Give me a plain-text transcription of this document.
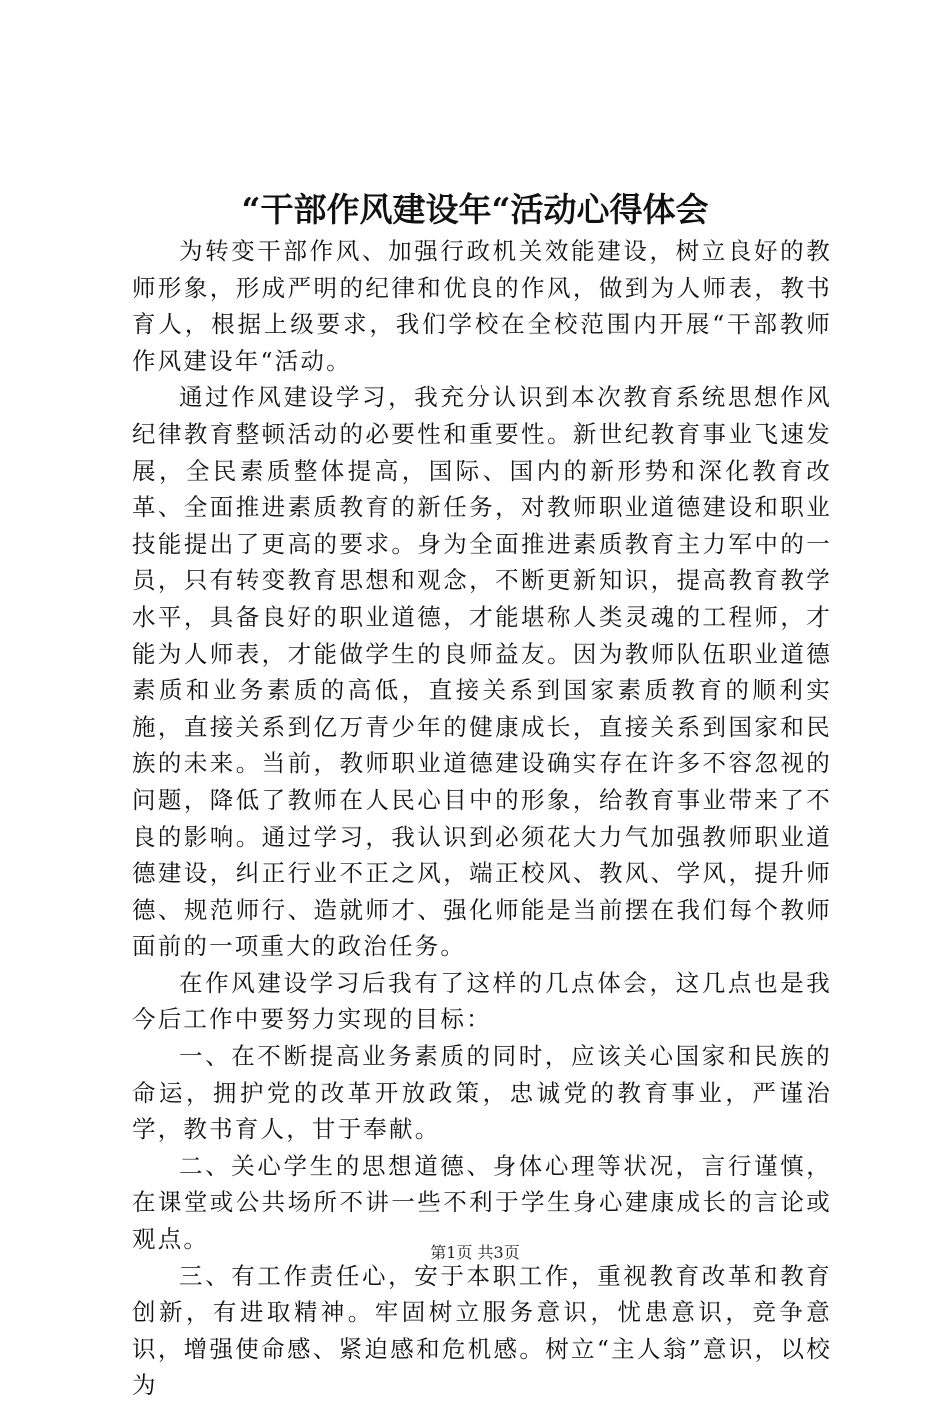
“干部作风建设年“活动心得体会

为转变干部作风、加强行政机关效能建设，树立良好的教师形象，形成严明的纪律和优良的作风，做到为人师表，教书育人，根据上级要求，我们学校在全校范围内开展“干部教师作风建设年“活动。

通过作风建设学习，我充分认识到本次教育系统思想作风纪律教育整顿活动的必要性和重要性。新世纪教育事业飞速发展，全民素质整体提高，国际、国内的新形势和深化教育改革、全面推进素质教育的新任务，对教师职业道德建设和职业技能提出了更高的要求。身为全面推进素质教育主力军中的一员，只有转变教育思想和观念，不断更新知识，提高教育教学水平，具备良好的职业道德，才能堪称人类灵魂的工程师，才能为人师表，才能做学生的良师益友。因为教师队伍职业道德素质和业务素质的高低，直接关系到国家素质教育的顺利实施，直接关系到亿万青少年的健康成长，直接关系到国家和民族的未来。当前，教师职业道德建设确实存在许多不容忽视的问题，降低了教师在人民心目中的形象，给教育事业带来了不良的影响。通过学习，我认识到必须花大力气加强教师职业道德建设，纠正行业不正之风，端正校风、教风、学风，提升师德、规范师行、造就师才、强化师能是当前摆在我们每个教师面前的一项重大的政治任务。

在作风建设学习后我有了这样的几点体会，这几点也是我今后工作中要努力实现的目标：

一、在不断提高业务素质的同时，应该关心国家和民族的命运，拥护党的改革开放政策，忠诚党的教育事业，严谨治学，教书育人，甘于奉献。

二、关心学生的思想道德、身体心理等状况，言行谨慎，在课堂或公共场所不讲一些不利于学生身心建康成长的言论或观点。

三、有工作责任心，安于本职工作，重视教育改革和教育创新，有进取精神。牢固树立服务意识，忧患意识，竞争意识，增强使命感、紧迫感和危机感。树立“主人翁”意识，以校为

第1页 共3页
